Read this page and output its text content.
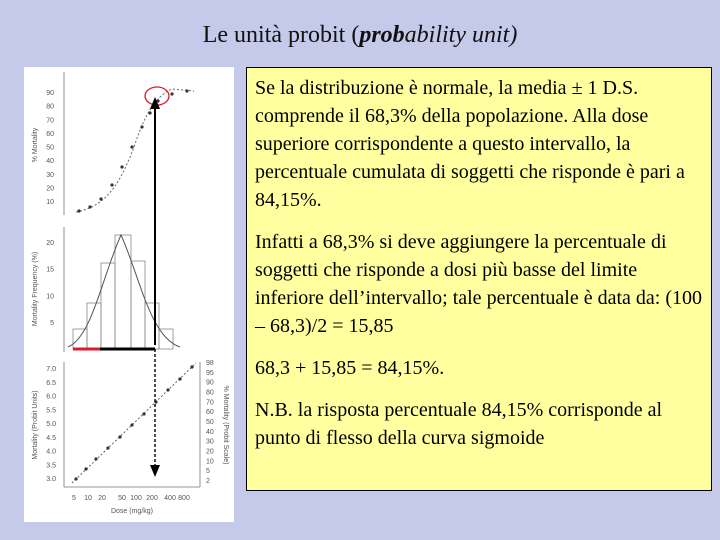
Le unità probit (probability unit)
% Mortality
90
80
70
60
50
40
30
20
10
Mortality Frequency (%)
20
15
10
5
Mortality (Probit Units)	% Mortality (Probit Scale)
7.0
6.5
6.0
5.5
5.0
4.5
4.0
3.5
3.0
98
95
90
80
70
60
50
40
30
20
10
5
2
5 10 20 50 100 200 400 800
Dose (mg/kg)

Se la distribuzione è normale, la media ± 1 D.S. comprende il 68,3% della popolazione. Alla dose superiore corrispondente a questo intervallo, la percentuale cumulata di soggetti che risponde è pari a 84,15%.

Infatti a 68,3% si deve aggiungere la percentuale di soggetti che risponde a dosi più basse del limite inferiore dell’intervallo; tale percentuale è data da: (100 – 68,3)/2 = 15,85

68,3 + 15,85 = 84,15%.

N.B. la risposta percentuale 84,15% corrisponde al punto di flesso della curva sigmoide
